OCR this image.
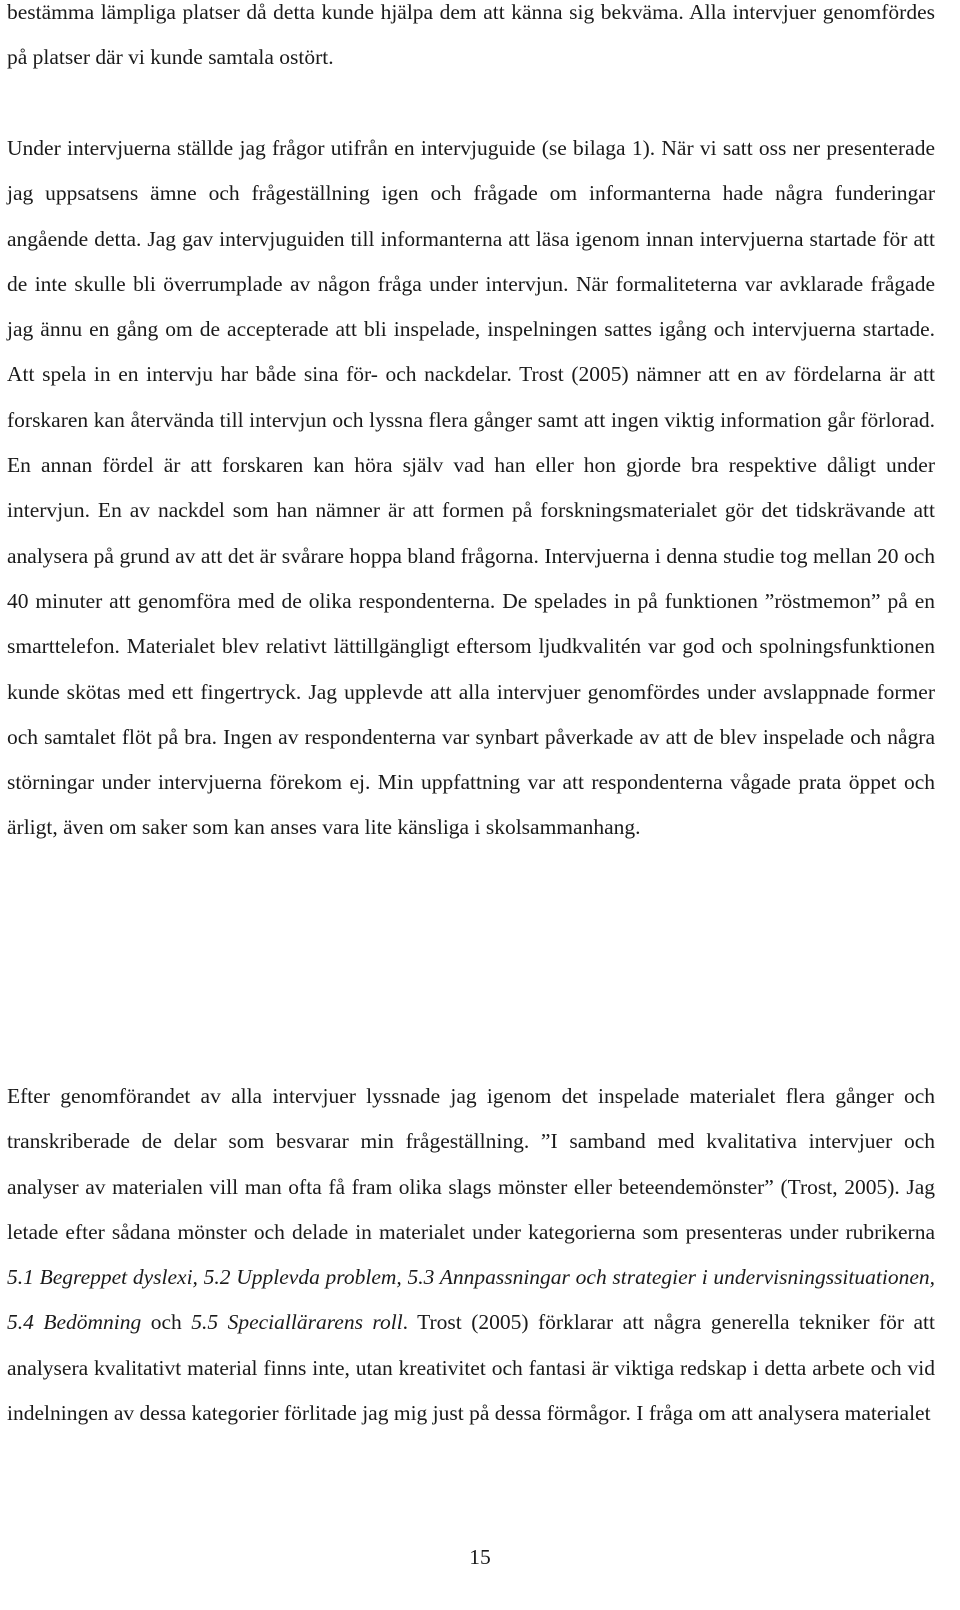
bestämma lämpliga platser då detta kunde hjälpa dem att känna sig bekväma. Alla intervjuer genomfördes på platser där vi kunde samtala ostört.

Under intervjuerna ställde jag frågor utifrån en intervjuguide (se bilaga 1). När vi satt oss ner presenterade jag uppsatsens ämne och frågeställning igen och frågade om informanterna hade några funderingar angående detta. Jag gav intervjuguiden till informanterna att läsa igenom innan intervjuerna startade för att de inte skulle bli överrumplade av någon fråga under intervjun. När formaliteterna var avklarade frågade jag ännu en gång om de accepterade att bli inspelade, inspelningen sattes igång och intervjuerna startade. Att spela in en intervju har både sina för- och nackdelar. Trost (2005) nämner att en av fördelarna är att forskaren kan återvända till intervjun och lyssna flera gånger samt att ingen viktig information går förlorad. En annan fördel är att forskaren kan höra själv vad han eller hon gjorde bra respektive dåligt under intervjun. En av nackdel som han nämner är att formen på forskningsmaterialet gör det tidskrävande att analysera på grund av att det är svårare hoppa bland frågorna. Intervjuerna i denna studie tog mellan 20 och 40 minuter att genomföra med de olika respondenterna. De spelades in på funktionen ”röstmemon” på en smarttelefon. Materialet blev relativt lättillgängligt eftersom ljudkvalitén var god och spolningsfunktionen kunde skötas med ett fingertryck. Jag upplevde att alla intervjuer genomfördes under avslappnade former och samtalet flöt på bra. Ingen av respondenterna var synbart påverkade av att de blev inspelade och några störningar under intervjuerna förekom ej. Min uppfattning var att respondenterna vågade prata öppet och ärligt, även om saker som kan anses vara lite känsliga i skolsammanhang.

Efter genomförandet av alla intervjuer lyssnade jag igenom det inspelade materialet flera gånger och transkriberade de delar som besvarar min frågeställning. ”I samband med kvalitativa intervjuer och analyser av materialen vill man ofta få fram olika slags mönster eller beteendemönster” (Trost, 2005). Jag letade efter sådana mönster och delade in materialet under kategorierna som presenteras under rubrikerna 5.1 Begreppet dyslexi, 5.2 Upplevda problem, 5.3 Annpassningar och strategier i undervisningssituationen, 5.4 Bedömning och 5.5 Speciallärarens roll. Trost (2005) förklarar att några generella tekniker för att analysera kvalitativt material finns inte, utan kreativitet och fantasi är viktiga redskap i detta arbete och vid indelningen av dessa kategorier förlitade jag mig just på dessa förmågor. I fråga om att analysera materialet

15
